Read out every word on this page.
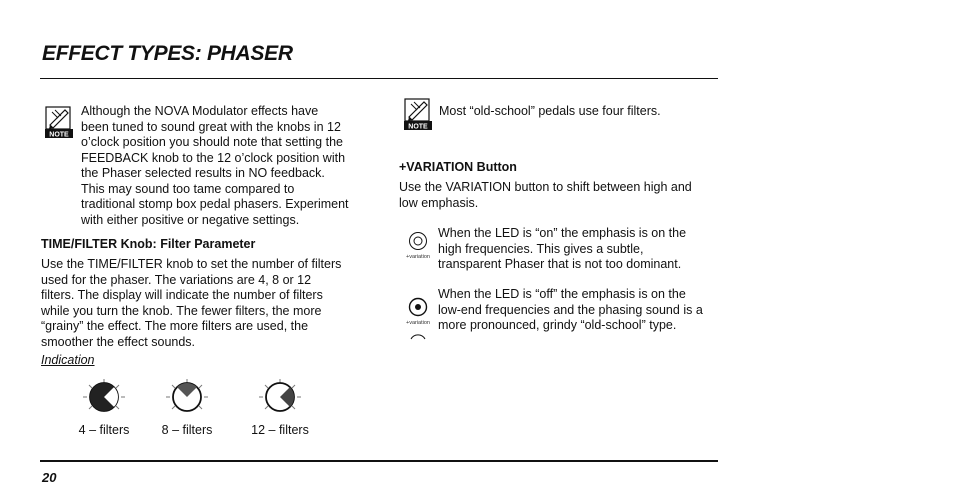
EFFECT TYPES: PHASER
NOTE
Although the NOVA Modulator effects have
been tuned to sound great with the knobs in 12
o’clock position you should note that setting the
FEEDBACK knob to the 12 o’clock position with
the Phaser selected results in NO feedback.
This may sound too tame compared to
traditional stomp box pedal phasers. Experiment
with either positive or negative settings.
TIME/FILTER Knob: Filter Parameter
Use the TIME/FILTER knob to set the number of filters
used for the phaser. The variations are 4, 8 or 12
filters. The display will indicate the number of filters
while you turn the knob. The fewer filters, the more
“grainy” the effect. The more filters are used, the
smoother the effect sounds.
Indication
4 – filters	8 – filters	12 – filters
NOTE
Most “old-school” pedals use four filters.
+VARIATION Button
Use the VARIATION button to shift between high and
low emphasis.
+variation
When the LED is “on” the emphasis is on the
high frequencies. This gives a subtle,
transparent Phaser that is not too dominant.
+variation
When the LED is “off” the emphasis is on the
low-end frequencies and the phasing sound is a
more pronounced, grindy “old-school” type.
20
